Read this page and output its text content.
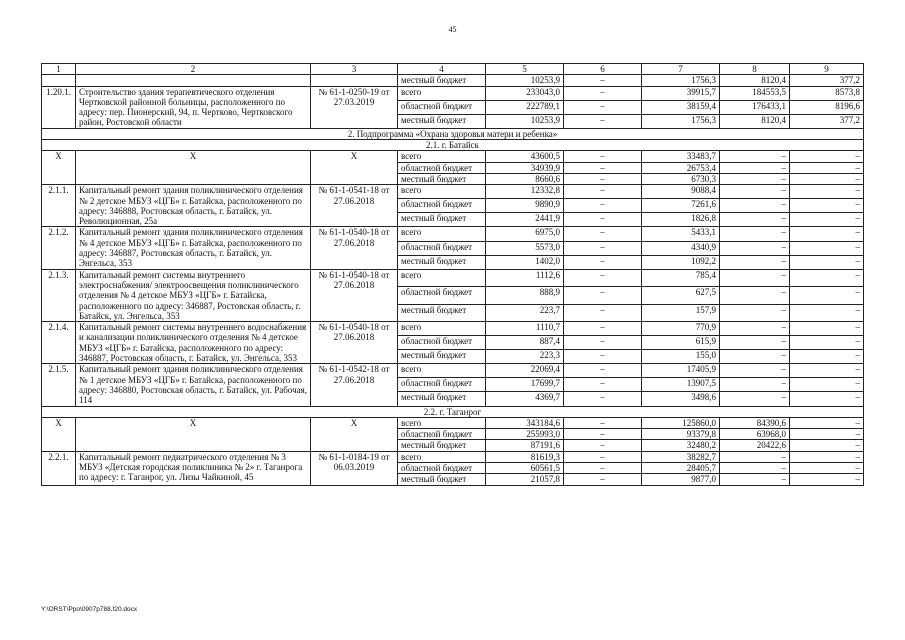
45
1	2	3	4	5	6	7	8	9
			местный бюджет	10253,9	–	1756,3	8120,4	377,2
1.20.1.	Строительство здания терапевтического отделения Чертковской районной больницы, расположенного по адресу: пер. Пионерский, 94, п. Чертково, Чертковского район, Ростовской области	№ 61-1-0250-19 от 27.03.2019	всего	233043,0	–	39915,7	184553,5	8573,8
			областной бюджет	222789,1	–	38159,4	176433,1	8196,6
			местный бюджет	10253,9	–	1756,3	8120,4	377,2
2. Подпрограмма «Охрана здоровья матери и ребенка»								
2.1. г. Батайск								
Х	Х	Х	всего	43600,5	–	33483,7	–	–
			областной бюджет	34939,9	–	26753,4	–	–
			местный бюджет	8660,6	–	6730,3	–	–
2.1.1.	Капитальный ремонт здания поликлинического отделения № 2 детское МБУЗ «ЦГБ» г. Батайска, расположенного по адресу: 346888, Ростовская область, г. Батайск, ул. Революционная, 25а	№ 61-1-0541-18 от 27.06.2018	всего	12332,8	–	9088,4	–	–
			областной бюджет	9890,9	–	7261,6	–	–
			местный бюджет	2441,9	–	1826,8	–	–
2.1.2.	Капитальный ремонт здания поликлинического отделения № 4 детское МБУЗ «ЦГБ» г. Батайска, расположенного по адресу: 346887, Ростовская область, г. Батайск, ул. Энгельса, 353	№ 61-1-0540-18 от 27.06.2018	всего	6975,0	–	5433,1	–	–
			областной бюджет	5573,0	–	4340,9	–	–
			местный бюджет	1402,0	–	1092,2	–	–
2.1.3.	Капитальный ремонт системы внутреннего электроснабжения/ электроосвещения поликлинического отделения № 4 детское МБУЗ «ЦГБ» г. Батайска, расположенного по адресу: 346887, Ростовская область, г. Батайск, ул. Энгельса, 353	№ 61-1-0540-18 от 27.06.2018	всего	1112,6	–	785,4	–	–
			областной бюджет	888,9	–	627,5	–	–
			местный бюджет	223,7	–	157,9	–	–
2.1.4.	Капитальный ремонт системы внутреннего водоснабжения и канализации поликлинического отделения № 4 детское МБУЗ «ЦГБ» г. Батайска, расположенного по адресу: 346887, Ростовская область, г. Батайск, ул. Энгельса, 353	№ 61-1-0540-18 от 27.06.2018	всего	1110,7	–	770,9	–	–
			областной бюджет	887,4	–	615,9	–	–
			местный бюджет	223,3	–	155,0	–	–
2.1.5.	Капитальный ремонт здания поликлинического отделения № 1 детское МБУЗ «ЦГБ» г. Батайска, расположенного по адресу: 346880, Ростовская область, г. Батайск, ул. Рабочая, 114	№ 61-1-0542-18 от 27.06.2018	всего	22069,4	–	17405,9	–	–
			областной бюджет	17699,7	–	13907,5	–	–
			местный бюджет	4369,7	–	3498,6	–	–
2.2. г. Таганрог								
Х	Х	Х	всего	343184,6	–	125860,0	84390,6	–
			областной бюджет	255993,0	–	93379,8	63968,0	–
			местный бюджет	87191,6	–	32480,2	20422,6	–
2.2.1.	Капитальный ремонт педиатрического отделения № 3 МБУЗ «Детская городская поликлиника № 2» г. Таганрога по адресу: г. Таганрог, ул. Лизы Чайкиной, 45	№ 61-1-0184-19 от 06.03.2019	всего	81619,3	–	38282,7	–	–
			областной бюджет	60561,5	–	28405,7	–	–
			местный бюджет	21057,8	–	9877,0	–	–
Y:\ORST\Ppo\0907p788.f20.docx
